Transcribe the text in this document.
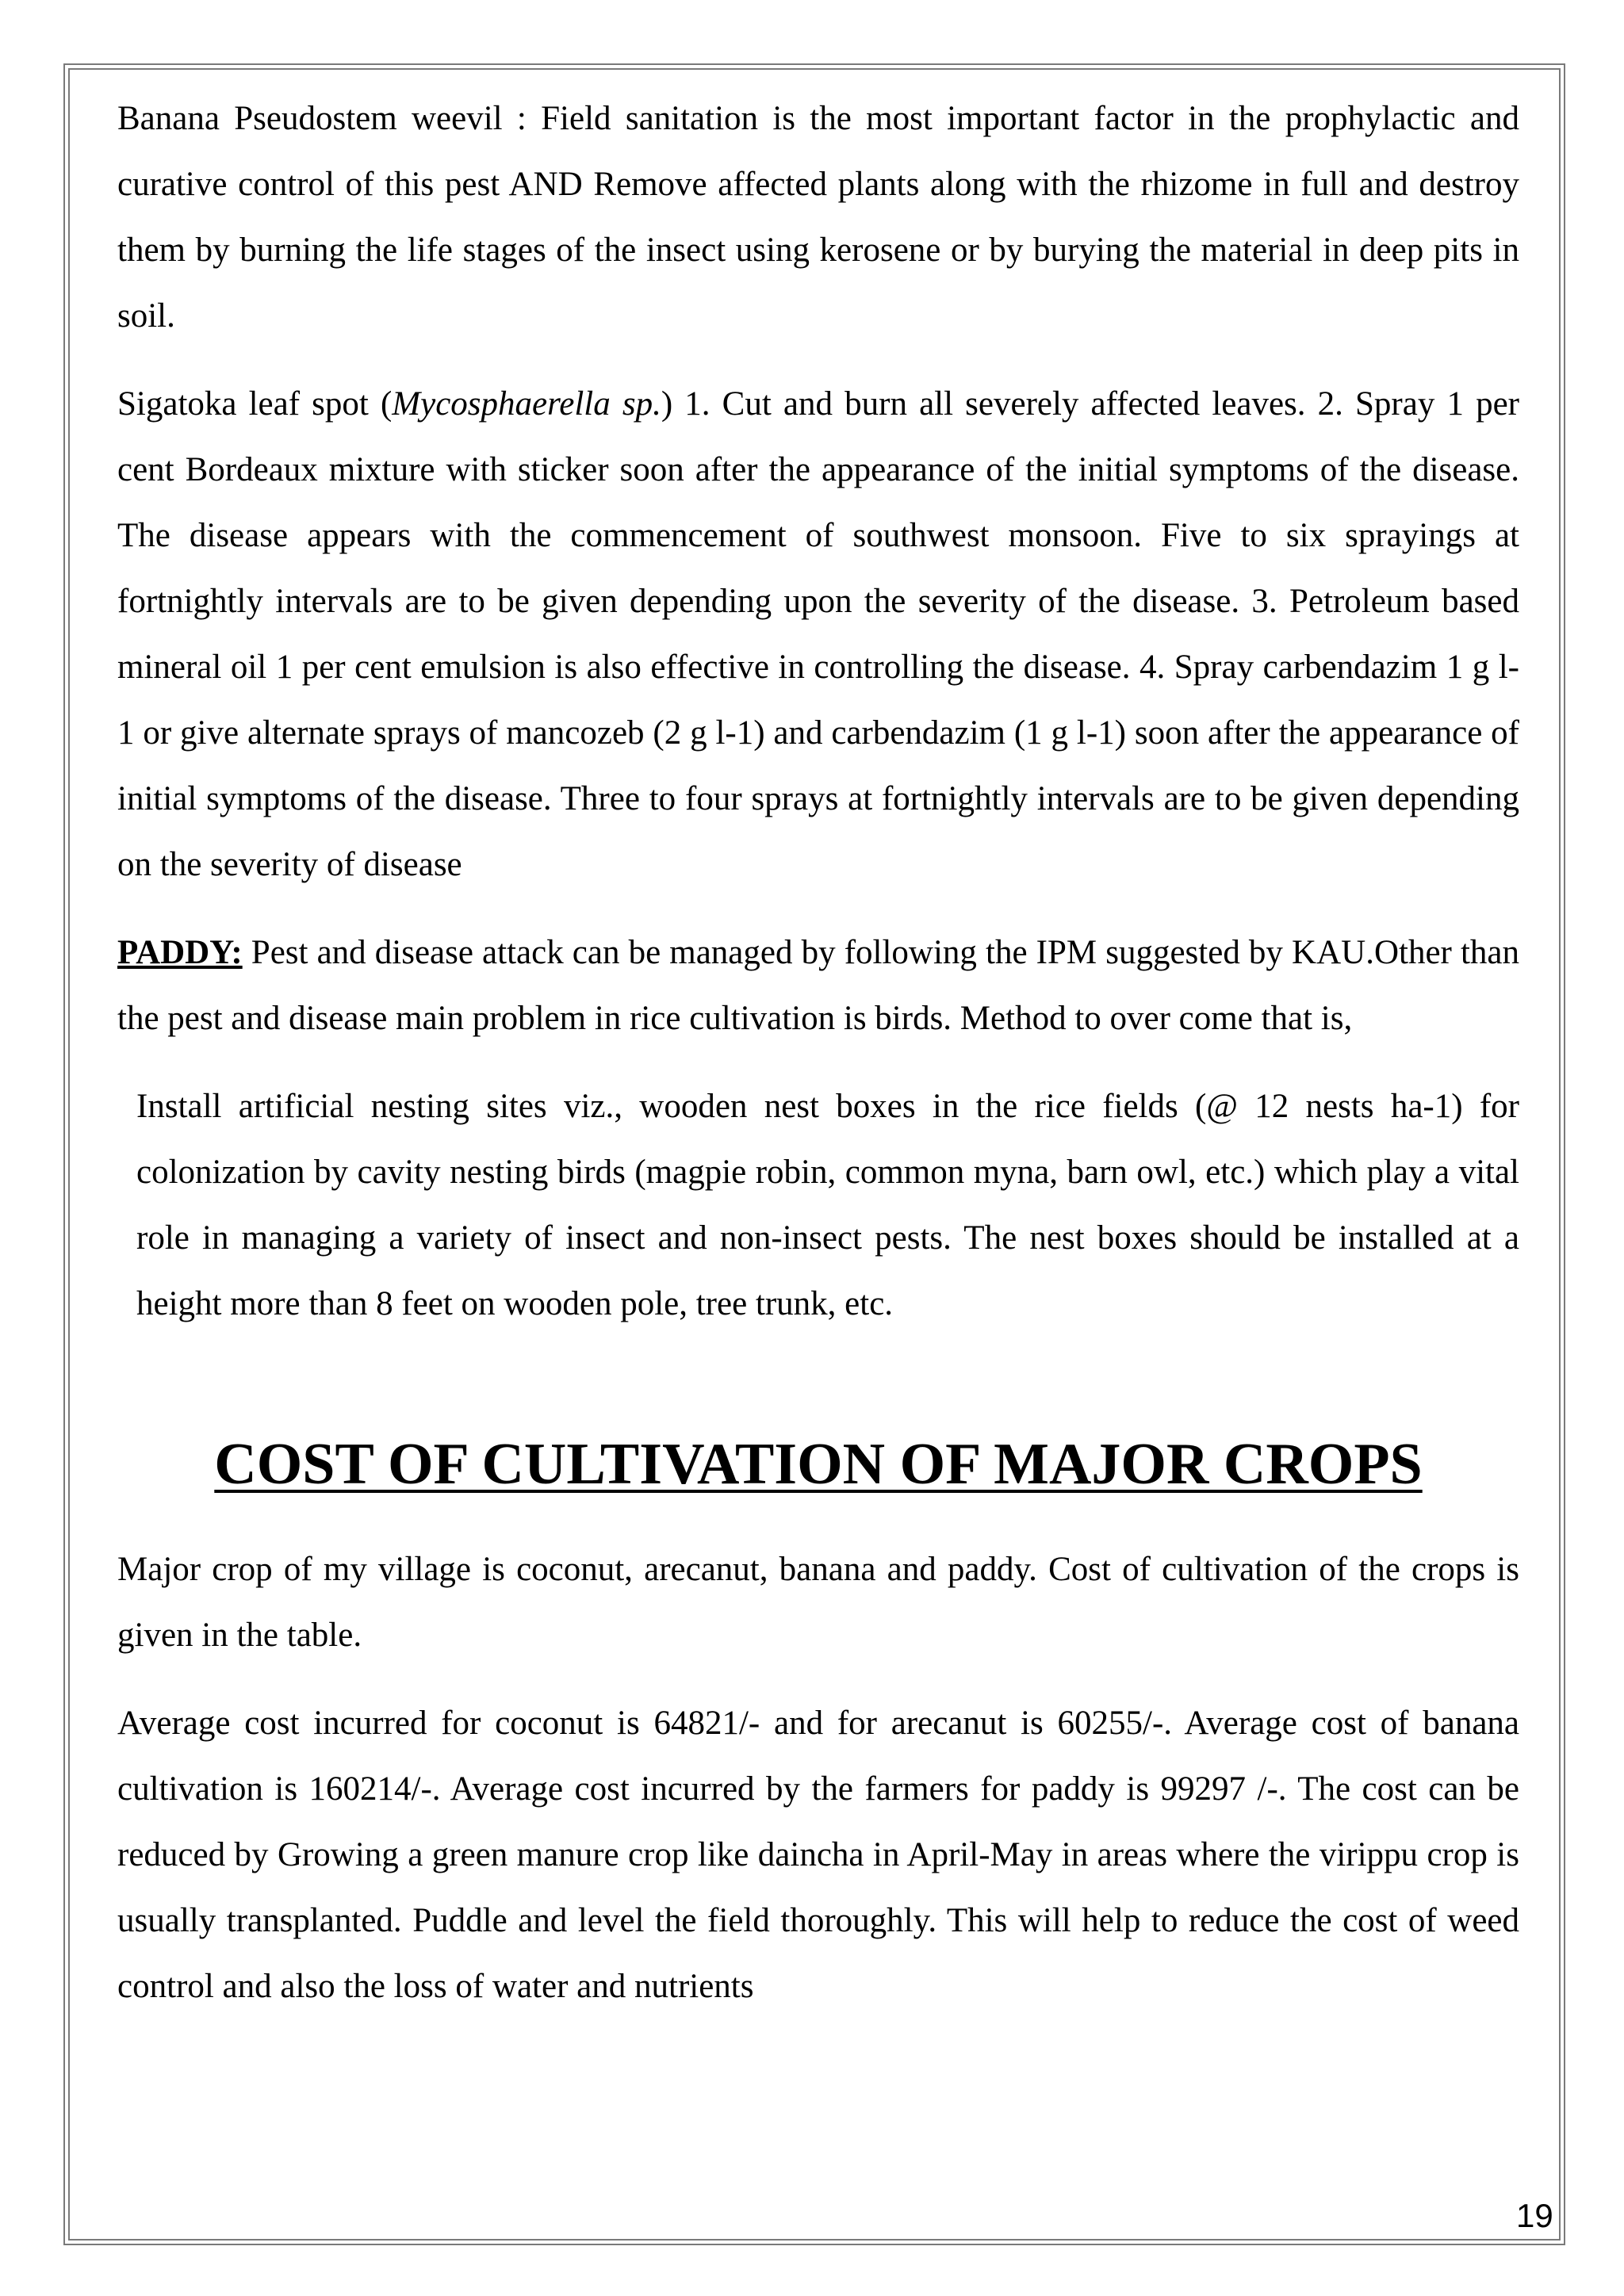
Banana Pseudostem weevil : Field sanitation is the most important factor in the prophylactic and curative control of this pest AND Remove affected plants along with the rhizome in full and destroy them by burning the life stages of the insect using kerosene or by burying the material in deep pits in soil.

Sigatoka leaf spot (Mycosphaerella sp.) 1. Cut and burn all severely affected leaves. 2. Spray 1 per cent Bordeaux mixture with sticker soon after the appearance of the initial symptoms of the disease. The disease appears with the commencement of southwest monsoon. Five to six sprayings at fortnightly intervals are to be given depending upon the severity of the disease. 3. Petroleum based mineral oil 1 per cent emulsion is also effective in controlling the disease. 4. Spray carbendazim 1 g l-1 or give alternate sprays of mancozeb (2 g l-1) and carbendazim (1 g l-1) soon after the appearance of initial symptoms of the disease. Three to four sprays at fortnightly intervals are to be given depending on the severity of disease

PADDY: Pest and disease attack can be managed by following the IPM suggested by KAU.Other than the pest and disease main problem in rice cultivation is birds. Method to over come that is,

Install artificial nesting sites viz., wooden nest boxes in the rice fields (@ 12 nests ha-1) for colonization by cavity nesting birds (magpie robin, common myna, barn owl, etc.) which play a vital role in managing a variety of insect and non-insect pests. The nest boxes should be installed at a height more than 8 feet on wooden pole, tree trunk, etc.

COST OF CULTIVATION OF MAJOR CROPS

Major crop of my village is coconut, arecanut, banana and paddy. Cost of cultivation of the crops is given in the table.

Average cost incurred for coconut is 64821/- and for arecanut is 60255/-. Average cost of banana cultivation is 160214/-. Average cost incurred by the farmers for paddy is 99297 /-. The cost can be reduced by Growing a green manure crop like daincha in April-May in areas where the virippu crop is usually transplanted. Puddle and level the field thoroughly. This will help to reduce the cost of weed control and also the loss of water and nutrients

19
